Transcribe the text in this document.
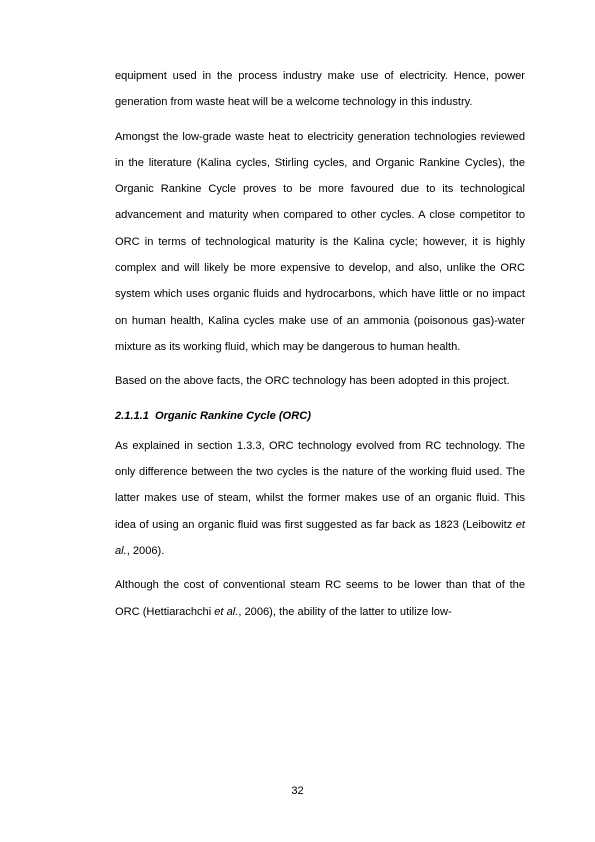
equipment used in the process industry make use of electricity. Hence, power generation from waste heat will be a welcome technology in this industry.

Amongst the low-grade waste heat to electricity generation technologies reviewed in the literature (Kalina cycles, Stirling cycles, and Organic Rankine Cycles), the Organic Rankine Cycle proves to be more favoured due to its technological advancement and maturity when compared to other cycles. A close competitor to ORC in terms of technological maturity is the Kalina cycle; however, it is highly complex and will likely be more expensive to develop, and also, unlike the ORC system which uses organic fluids and hydrocarbons, which have little or no impact on human health, Kalina cycles make use of an ammonia (poisonous gas)-water mixture as its working fluid, which may be dangerous to human health.

Based on the above facts, the ORC technology has been adopted in this project.

2.1.1.1 Organic Rankine Cycle (ORC)

As explained in section 1.3.3, ORC technology evolved from RC technology. The only difference between the two cycles is the nature of the working fluid used. The latter makes use of steam, whilst the former makes use of an organic fluid. This idea of using an organic fluid was first suggested as far back as 1823 (Leibowitz et al., 2006).

Although the cost of conventional steam RC seems to be lower than that of the ORC (Hettiarachchi et al., 2006), the ability of the latter to utilize low-

32
